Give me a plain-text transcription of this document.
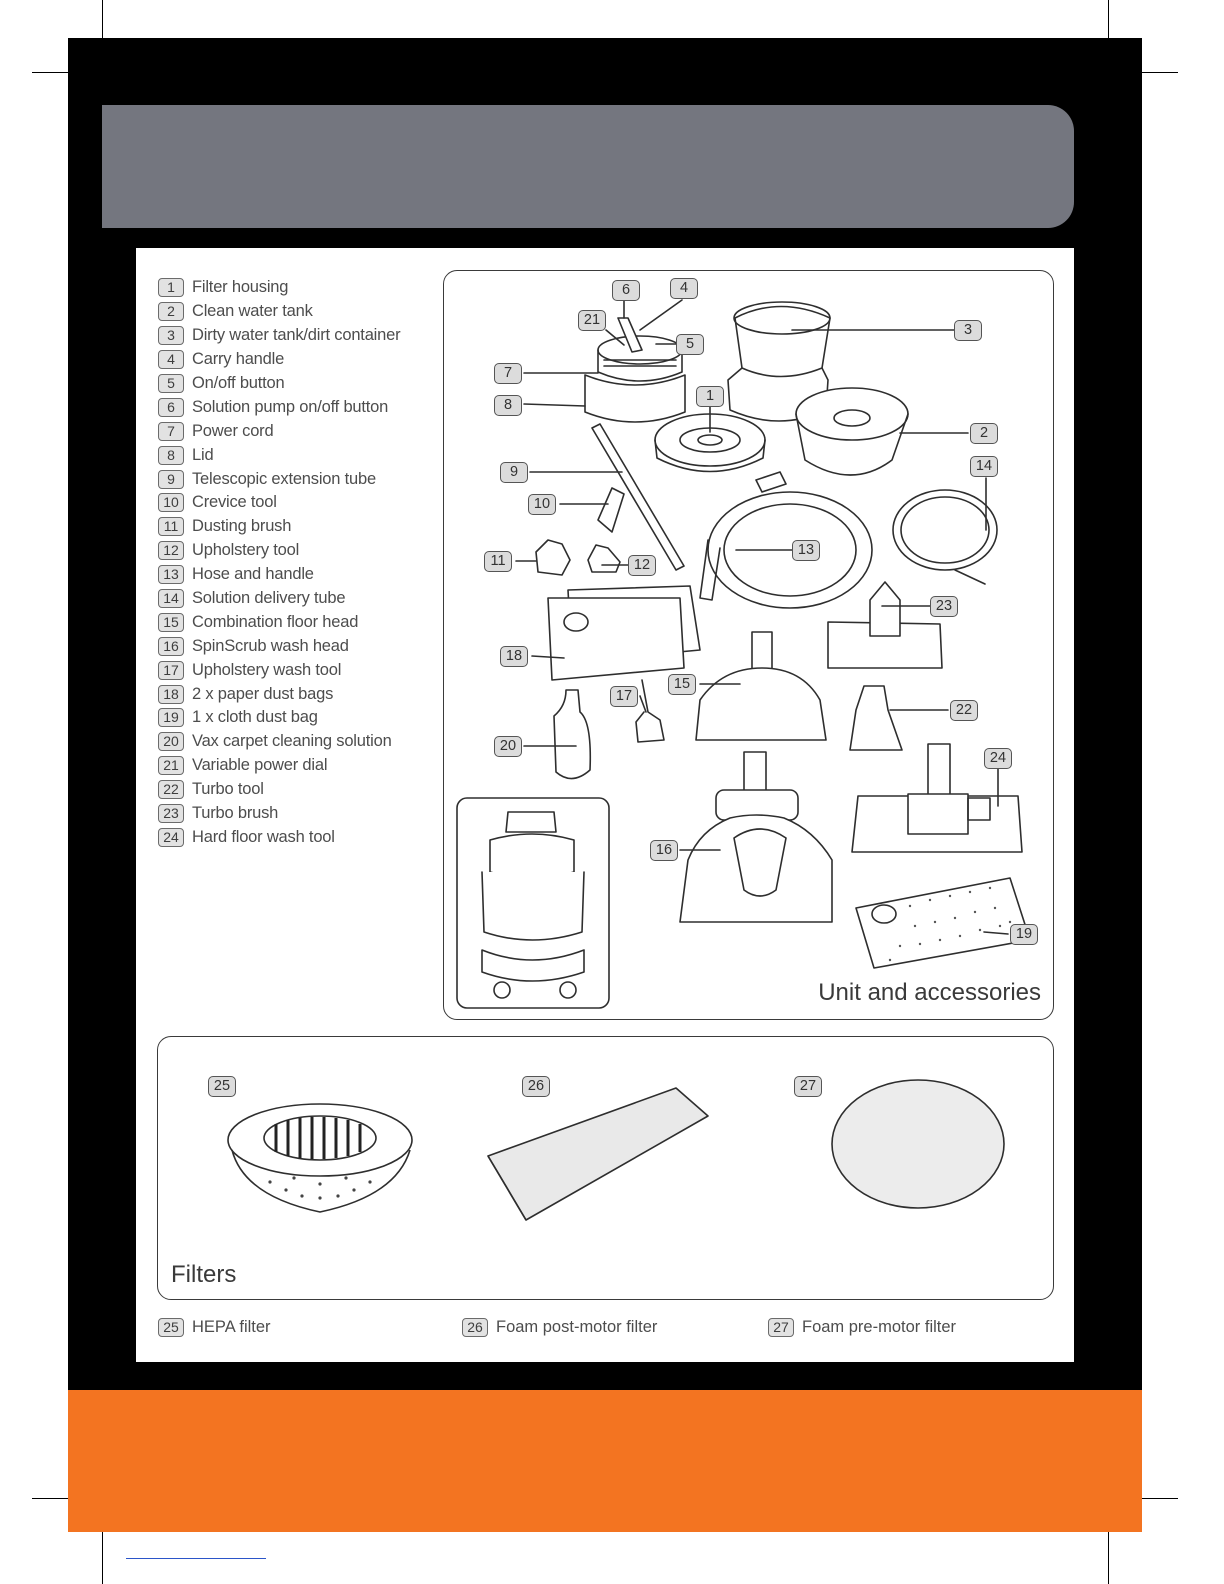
1	Filter housing
2	Clean water tank
3	Dirty water tank/dirt container
4	Carry handle
5	On/off button
6	Solution pump on/off button
7	Power cord
8	Lid
9	Telescopic extension tube
10 Crevice tool
11 Dusting brush
12 Upholstery tool
13 Hose and handle
14 Solution delivery tube
15 Combination floor head
16 SpinScrub wash head
17 Upholstery wash tool
18 2 x paper dust bags
19 1 x cloth dust bag
20 Vax carpet cleaning solution
21 Variable power dial
22 Turbo tool
23 Turbo brush
24 Hard floor wash tool
Unit and accessories
1
2
3
4
5
6
7
8
9
10
11	12
13
14
15
16
17
18
19
20
21
22
23
24
Filters
25	26	27
25 HEPA filter	26 Foam post-motor filter	27 Foam pre-motor filter
